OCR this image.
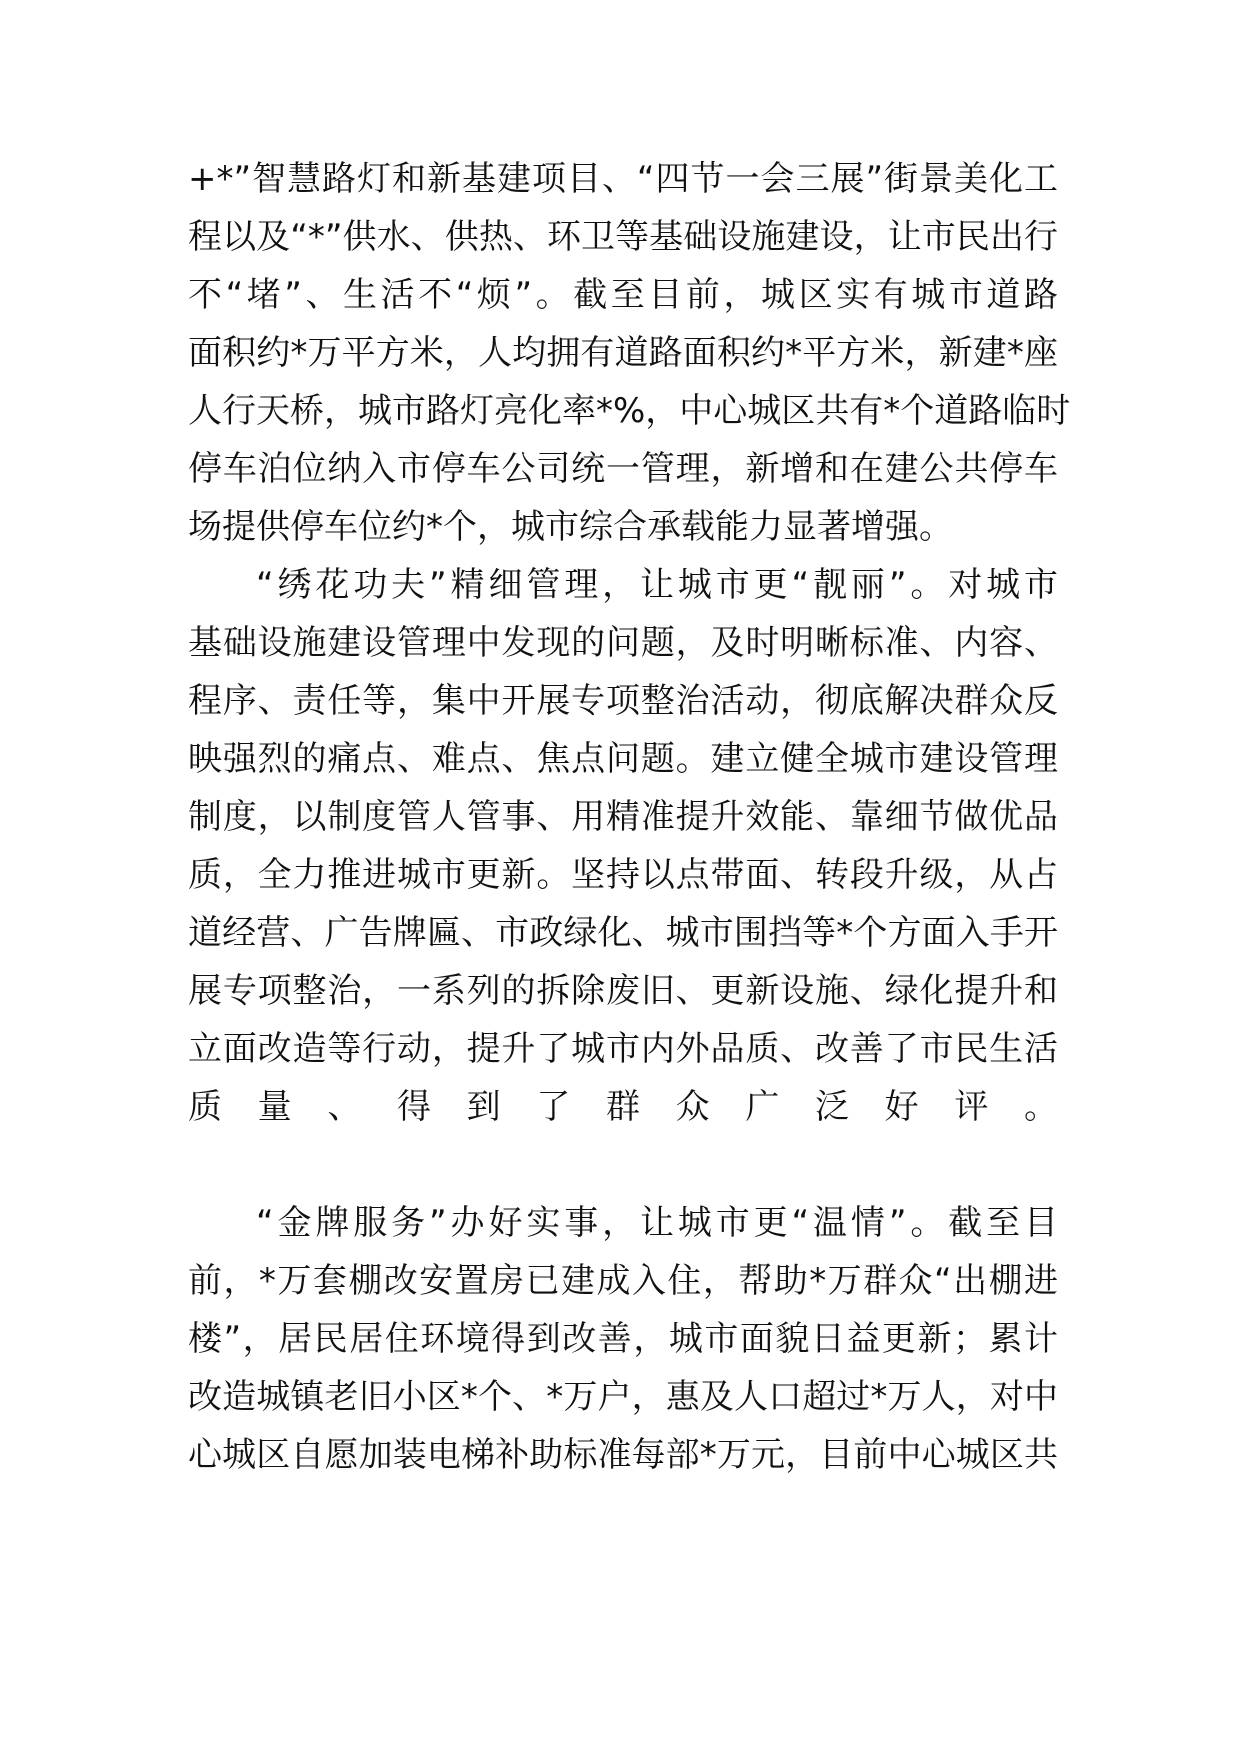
+*”智慧路灯和新基建项目、“四节一会三展”街景美化工

程以及“*”供水、供热、环卫等基础设施建设，让市民出行

不“堵”、生活不“烦”。截至目前，城区实有城市道路

面积约*万平方米，人均拥有道路面积约*平方米，新建*座

人行天桥，城市路灯亮化率*%，中心城区共有*个道路临时

停车泊位纳入市停车公司统一管理，新增和在建公共停车

场提供停车位约*个，城市综合承载能力显著增强。

“绣花功夫”精细管理，让城市更“靓丽”。对城市

基础设施建设管理中发现的问题，及时明晰标准、内容、

程序、责任等，集中开展专项整治活动，彻底解决群众反

映强烈的痛点、难点、焦点问题。建立健全城市建设管理

制度，以制度管人管事、用精准提升效能、靠细节做优品

质，全力推进城市更新。坚持以点带面、转段升级，从占

道经营、广告牌匾、市政绿化、城市围挡等*个方面入手开

展专项整治，一系列的拆除废旧、更新设施、绿化提升和

立面改造等行动，提升了城市内外品质、改善了市民生活

质量、得到了群众广泛好评。

“金牌服务”办好实事，让城市更“温情”。截至目

前，*万套棚改安置房已建成入住，帮助*万群众“出棚进

楼”，居民居住环境得到改善，城市面貌日益更新；累计

改造城镇老旧小区*个、*万户，惠及人口超过*万人，对中

心城区自愿加装电梯补助标准每部*万元，目前中心城区共
